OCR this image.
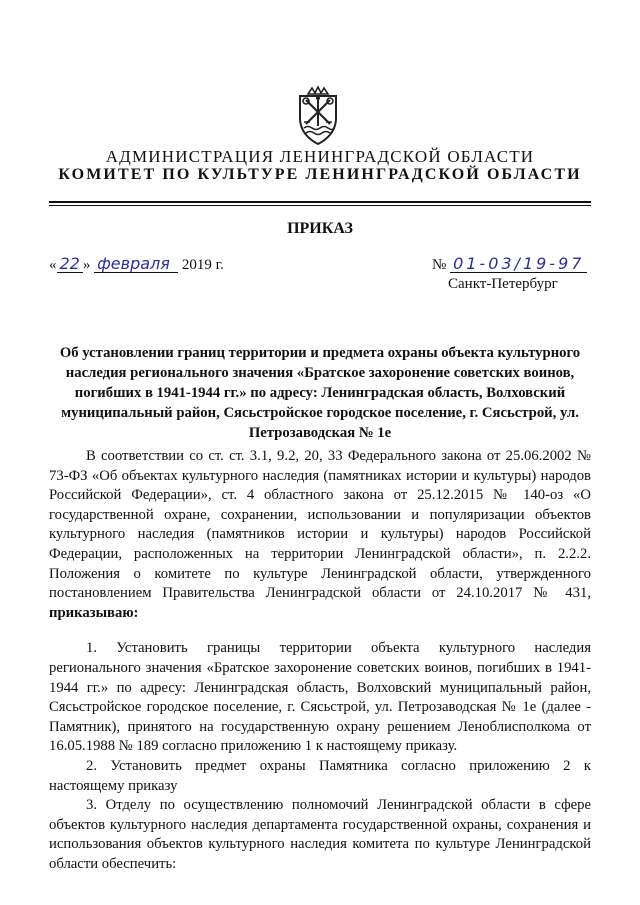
АДМИНИСТРАЦИЯ ЛЕНИНГРАДСКОЙ ОБЛАСТИ
КОМИТЕТ ПО КУЛЬТУРЕ ЛЕНИНГРАДСКОЙ ОБЛАСТИ
ПРИКАЗ
« 22 » февраля 2019 г.	№ 01-03/19-97
Санкт-Петербург

Об установлении границ территории и предмета охраны объекта культурного наследия регионального значения «Братское захоронение советских воинов, погибших в 1941-1944 гг.» по адресу: Ленинградская область, Волховский муниципальный район, Сясьстройское городское поселение, г. Сясьстрой, ул. Петрозаводская № 1е

В соответствии со ст. ст. 3.1, 9.2, 20, 33 Федерального закона от 25.06.2002 № 73-ФЗ «Об объектах культурного наследия (памятниках истории и культуры) народов Российской Федерации», ст. 4 областного закона от 25.12.2015 № 140-оз «О государственной охране, сохранении, использовании и популяризации объектов культурного наследия (памятников истории и культуры) народов Российской Федерации, расположенных на территории Ленинградской области», п. 2.2.2. Положения о комитете по культуре Ленинградской области, утвержденного постановлением Правительства Ленинградской области от 24.10.2017 № 431, приказываю:

1. Установить границы территории объекта культурного наследия регионального значения «Братское захоронение советских воинов, погибших в 1941-1944 гг.» по адресу: Ленинградская область, Волховский муниципальный район, Сясьстройское городское поселение, г. Сясьстрой, ул. Петрозаводская № 1е (далее - Памятник), принятого на государственную охрану решением Леноблисполкома от 16.05.1988 № 189 согласно приложению 1 к настоящему приказу.

2. Установить предмет охраны Памятника согласно приложению 2 к настоящему приказу

3. Отделу по осуществлению полномочий Ленинградской области в сфере объектов культурного наследия департамента государственной охраны, сохранения и использования объектов культурного наследия комитета по культуре Ленинградской области обеспечить:
